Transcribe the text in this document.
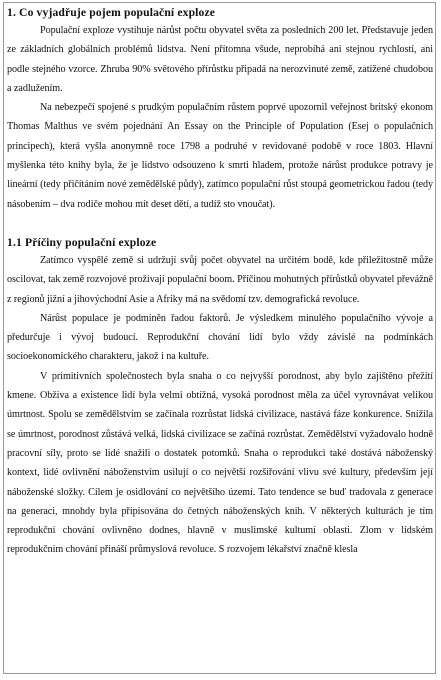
1. Co vyjadřuje pojem populační exploze

Populační exploze vystihuje nárůst počtu obyvatel světa za posledních 200 let. Představuje jeden ze základních globálních problémů lidstva. Není přítomna všude, neprobíhá ani stejnou rychlostí, ani podle stejného vzorce. Zhruba 90% světového přírůstku připadá na nerozvinuté země, zatížené chudobou a zadlužením.

Na nebezpečí spojené s prudkým populačním růstem poprvé upozornil veřejnost britský ekonom Thomas Malthus ve svém pojednání An Essay on the Principle of Population (Esej o populačních principech), která vyšla anonymně roce 1798 a podruhé v revidované podobě v roce 1803. Hlavní myšlenka této knihy byla, že je lidstvo odsouzeno k smrti hladem, protože nárůst produkce potravy je lineární (tedy přičítáním nové zemědělské půdy), zatímco populační růst stoupá geometrickou řadou (tedy násobením – dva rodiče mohou mít deset dětí, a tudíž sto vnoučat).

1.1 Příčiny populační exploze

Zatímco vyspělé země si udržují svůj počet obyvatel na určitém bodě, kde přiležitostně může oscilovat, tak země rozvojové prožívají populační boom. Příčinou mohutných přírůstků obyvatel převážně z regionů jižní a jihovýchodní Asie a Afriky má na svědomí tzv. demografická revoluce.

Nárůst populace je podmíněn řadou faktorů. Je výsledkem minulého populačního vývoje a předurčuje i vývoj budoucí. Reprodukční chování lidí bylo vždy závislé na podmínkách socioekonomického charakteru, jakož i na kultuře.

V primitivních společnostech byla snaha o co nejvyšší porodnost, aby bylo zajištěno přežití kmene. Obživa a existence lidí byla velmi obtížná, vysoká porodnost měla za účel vyrovnávat velikou úmrtnost. Spolu se zemědělstvím se začínala rozrůstat lidská civilizace, nastává fáze konkurence. Snížila se úmrtnost, porodnost zůstává velká, lidská civilizace se začíná rozrůstat. Zemědělství vyžadovalo hodně pracovní síly, proto se lidé snažili o dostatek potomků. Snaha o reprodukci také dostává náboženský kontext, lidé ovlivnění náboženstvím usilují o co největší rozšiřování vlivu své kultury, především její náboženské složky. Cílem je osidlování co největšího území. Tato tendence se buď tradovala z generace na generaci, mnohdy byla připisována do četných náboženských knih. V některých kulturách je tím reprodukční chování ovlivněno dodnes, hlavně v muslimské kultumí oblasti. Zlom v lidském reprodukčním chování přináší průmyslová revoluce. S rozvojem lékařství značně klesla
